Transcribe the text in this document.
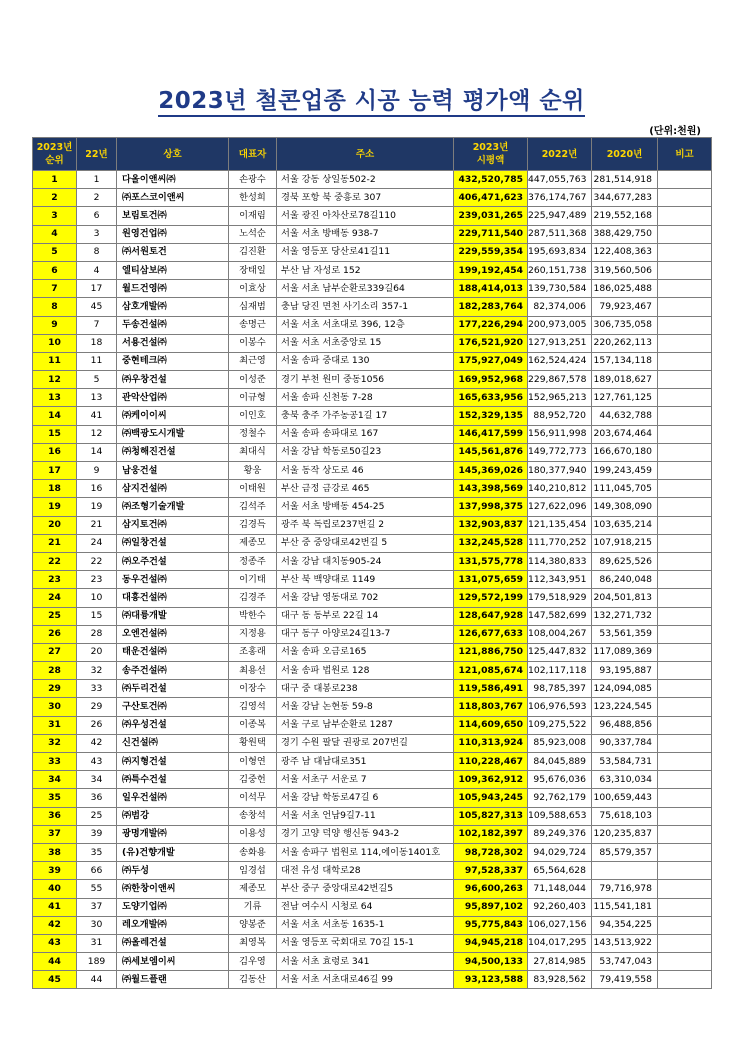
2023년 철콘업종 시공 능력 평가액 순위
(단위:천원)
2023년
순위	22년	상호	대표자	주소	2023년
시평액	2022년	2020년	비고
1	1	다올이앤씨㈜	손광수	서울 강동 상일동502-2	432,520,785	447,055,763	281,514,918	
2	2	㈜포스코이앤씨	한성희	경북 포항 북 중흥로 307	406,471,623	376,174,767	344,677,283	
3	6	보림토건㈜	이재림	서울 광진 아차산로78길110	239,031,265	225,947,489	219,552,168	
4	3	원영건업㈜	노석순	서울 서초 방배동 938-7	229,711,540	287,511,368	388,429,750	
5	8	㈜서원토건	김진환	서울 영등포 당산로41길11	229,559,354	195,693,834	122,408,363	
6	4	엘티삼보㈜	장태일	부산 남 자성로 152	199,192,454	260,151,738	319,560,506	
7	17	월드건영㈜	이효상	서울 서초 남부순환로339길64	188,414,013	139,730,584	186,025,488	
8	45	삼호개발㈜	심재범	충남 당진 면천 사기소리 357-1	182,283,764	82,374,006	79,923,467	
9	7	두송건설㈜	송명근	서울 서초 서초대로 396, 12층	177,226,294	200,973,005	306,735,058	
10	18	서용건설㈜	이봉수	서울 서초 서초중앙로 15	176,521,920	127,913,251	220,262,113	
11	11	중현테크㈜	최근영	서울 송파 중대로 130	175,927,049	162,524,424	157,134,118	
12	5	㈜우창건설	이성준	경기 부천 원미 중동1056	169,952,968	229,867,578	189,018,627	
13	13	관악산업㈜	이규형	서울 송파 신천동 7-28	165,633,956	152,965,213	127,761,125	
14	41	㈜케이이씨	이인호	충북 충주 가주농공1길 17	152,329,135	88,952,720	44,632,788	
15	12	㈜백광도시개발	정철수	서울 송파 송파대로 167	146,417,599	156,911,998	203,674,464	
16	14	㈜청해진건설	최대식	서울 강남 학동로50길23	145,561,876	149,772,773	166,670,180	
17	9	남웅건설	황웅	서울 동작 상도로 46	145,369,026	180,377,940	199,243,459	
18	16	삼지건설㈜	이태원	부산 금정 금강로 465	143,398,569	140,210,812	111,045,705	
19	19	㈜조형기술개발	김석주	서울 서초 방배동 454-25	137,998,375	127,622,096	149,308,090	
20	21	삼지토건㈜	김경득	광주 북 독립로237번길 2	132,903,837	121,135,454	103,635,214	
21	24	㈜일창건설	제종모	부산 중 중앙대로42번길 5	132,245,528	111,770,252	107,918,215	
22	22	㈜오주건설	정종주	서울 강남 대치동905-24	131,575,778	114,380,833	89,625,526	
23	23	동우건설㈜	이기태	부산 북 백양대로 1149	131,075,659	112,343,951	86,240,048	
24	10	대흥건설㈜	김경주	서울 강남 영동대로 702	129,572,199	179,518,929	204,501,813	
25	15	㈜대륭개발	박한수	대구 동 동부로 22길 14	128,647,928	147,582,699	132,271,732	
26	28	오엔건설㈜	지정용	대구 동구 아양로24길13-7	126,677,633	108,004,267	53,561,359	
27	20	태운건설㈜	조홍래	서울 송파 오금로165	121,886,750	125,447,832	117,089,369	
28	32	송주건설㈜	최용선	서울 송파 법원로 128	121,085,674	102,117,118	93,195,887	
29	33	㈜두리건설	이장수	대구 중 대봉로238	119,586,491	98,785,397	124,094,085	
30	29	구산토건㈜	김영석	서울 강남 논현동 59-8	118,803,767	106,976,593	123,224,545	
31	26	㈜우성건설	이종복	서울 구로 남부순환로 1287	114,609,650	109,275,522	96,488,856	
32	42	신건설㈜	황원택	경기 수원 팔달 권광로 207번길	110,313,924	85,923,008	90,337,784	
33	43	㈜지형건설	이형연	광주 남 대남대로351	110,228,467	84,045,889	53,584,731	
34	34	㈜특수건설	김중헌	서울 서초구 서운로 7	109,362,912	95,676,036	63,310,034	
35	36	일우건설㈜	이석무	서울 강남 학동로47길 6	105,943,245	92,762,179	100,659,443	
36	25	㈜범강	송창석	서울 서초 언남9길7-11	105,827,313	109,588,653	75,618,103	
37	39	광명개발㈜	이용성	경기 고양 덕양 행신동 943-2	102,182,397	89,249,376	120,235,837	
38	35	(유)건향개발	송화용	서울 송파구 법원로 114,에이동1401호	98,728,302	94,029,724	85,579,357	
39	66	㈜두성	임경섭	대전 유성 대학로28	97,528,337	65,564,628		
40	55	㈜한창이앤씨	제종모	부산 중구 중앙대로42번길5	96,600,263	71,148,044	79,716,978	
41	37	도양기업㈜	기류	전남 여수시 시청로 64	95,897,102	92,260,403	115,541,181	
42	30	레오개발㈜	양봉준	서울 서초 서초동 1635-1	95,775,843	106,027,156	94,354,225	
43	31	㈜올레건설	최영복	서울 영등포 국회대로 70길 15-1	94,945,218	104,017,295	143,513,922	
44	189	㈜세보엠이씨	김우영	서울 서초 효령로 341	94,500,133	27,814,985	53,747,043	
45	44	㈜월드플랜	김동산	서울 서초 서초대로46길 99	93,123,588	83,928,562	79,419,558	
